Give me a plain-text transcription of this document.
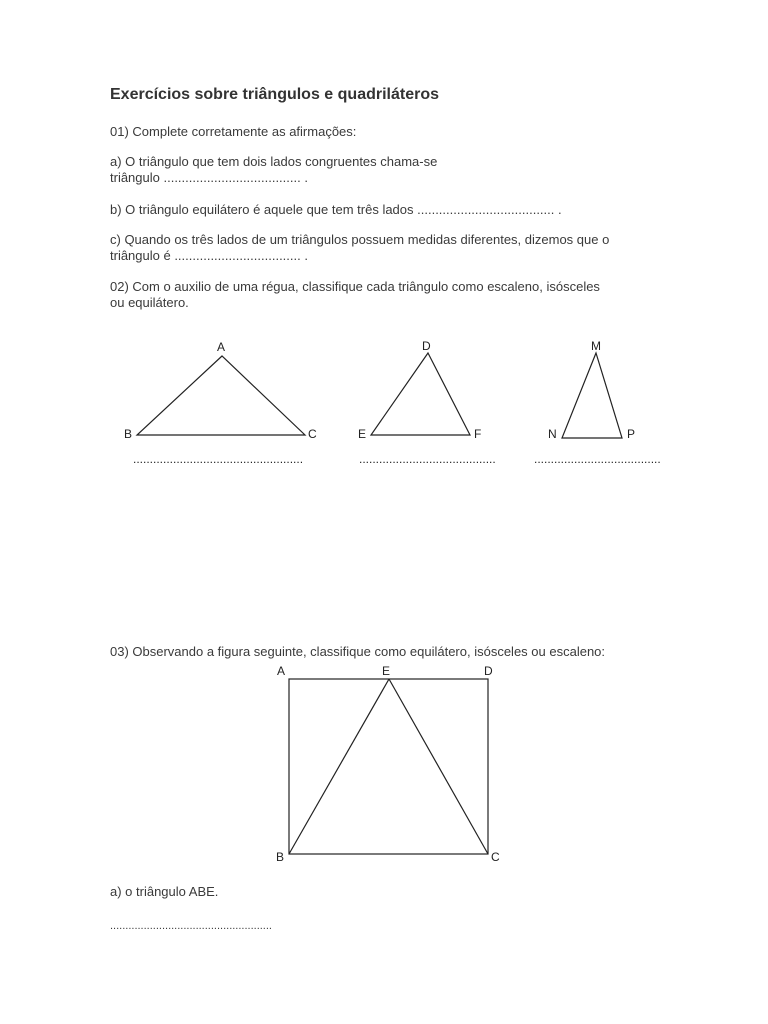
Exercícios sobre triângulos e quadriláteros

01) Complete corretamente as afirmações:

a) O triângulo que tem dois lados congruentes chama-se

triângulo ...................................... .

b) O triângulo equilátero é aquele que tem três lados ...................................... .

c) Quando os três lados de um triângulos possuem medidas diferentes, dizemos que o

triângulo é ................................... .

02) Com o auxilio de uma régua, classifique cada triângulo como escaleno, isósceles

ou equilátero.

A
B	C
...................................................
D
E	F
.........................................
M
N	P
......................................

03) Observando a figura seguinte, classifique como equilátero, isósceles ou escaleno:

A	E	D
B	C

a) o triângulo ABE.

.....................................................
